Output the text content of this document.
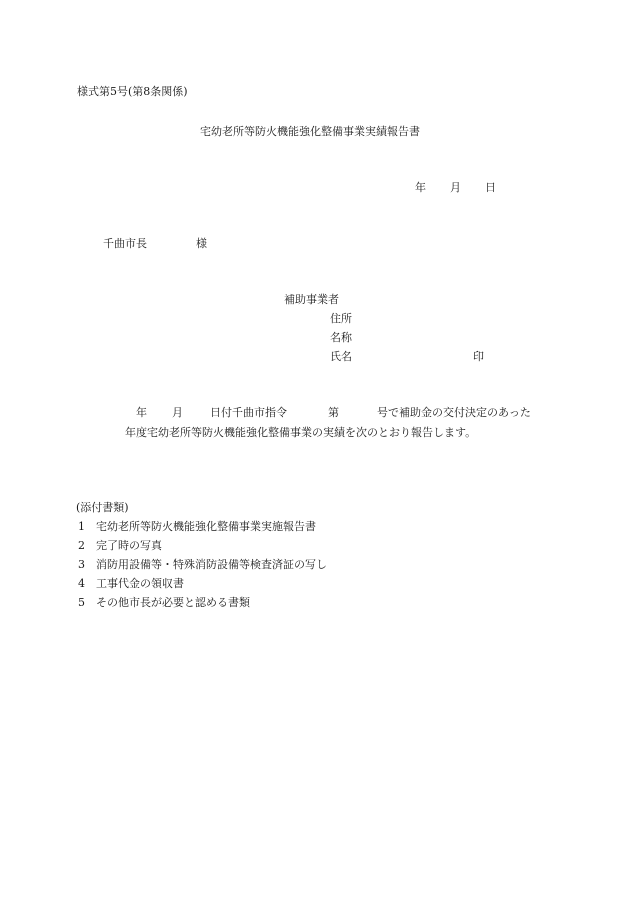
様式第5号(第8条関係)
宅幼老所等防火機能強化整備事業実績報告書
年 月 日
千曲市長	様
補助事業者
住所
名称
氏名	印
年 月 日付千曲市指令	第	号で補助金の交付決定のあった
年度宅幼老所等防火機能強化整備事業の実績を次のとおり報告します。
(添付書類)
1 宅幼老所等防火機能強化整備事業実施報告書
2 完了時の写真
3 消防用設備等・特殊消防設備等検査済証の写し
4 工事代金の領収書
5 その他市長が必要と認める書類
